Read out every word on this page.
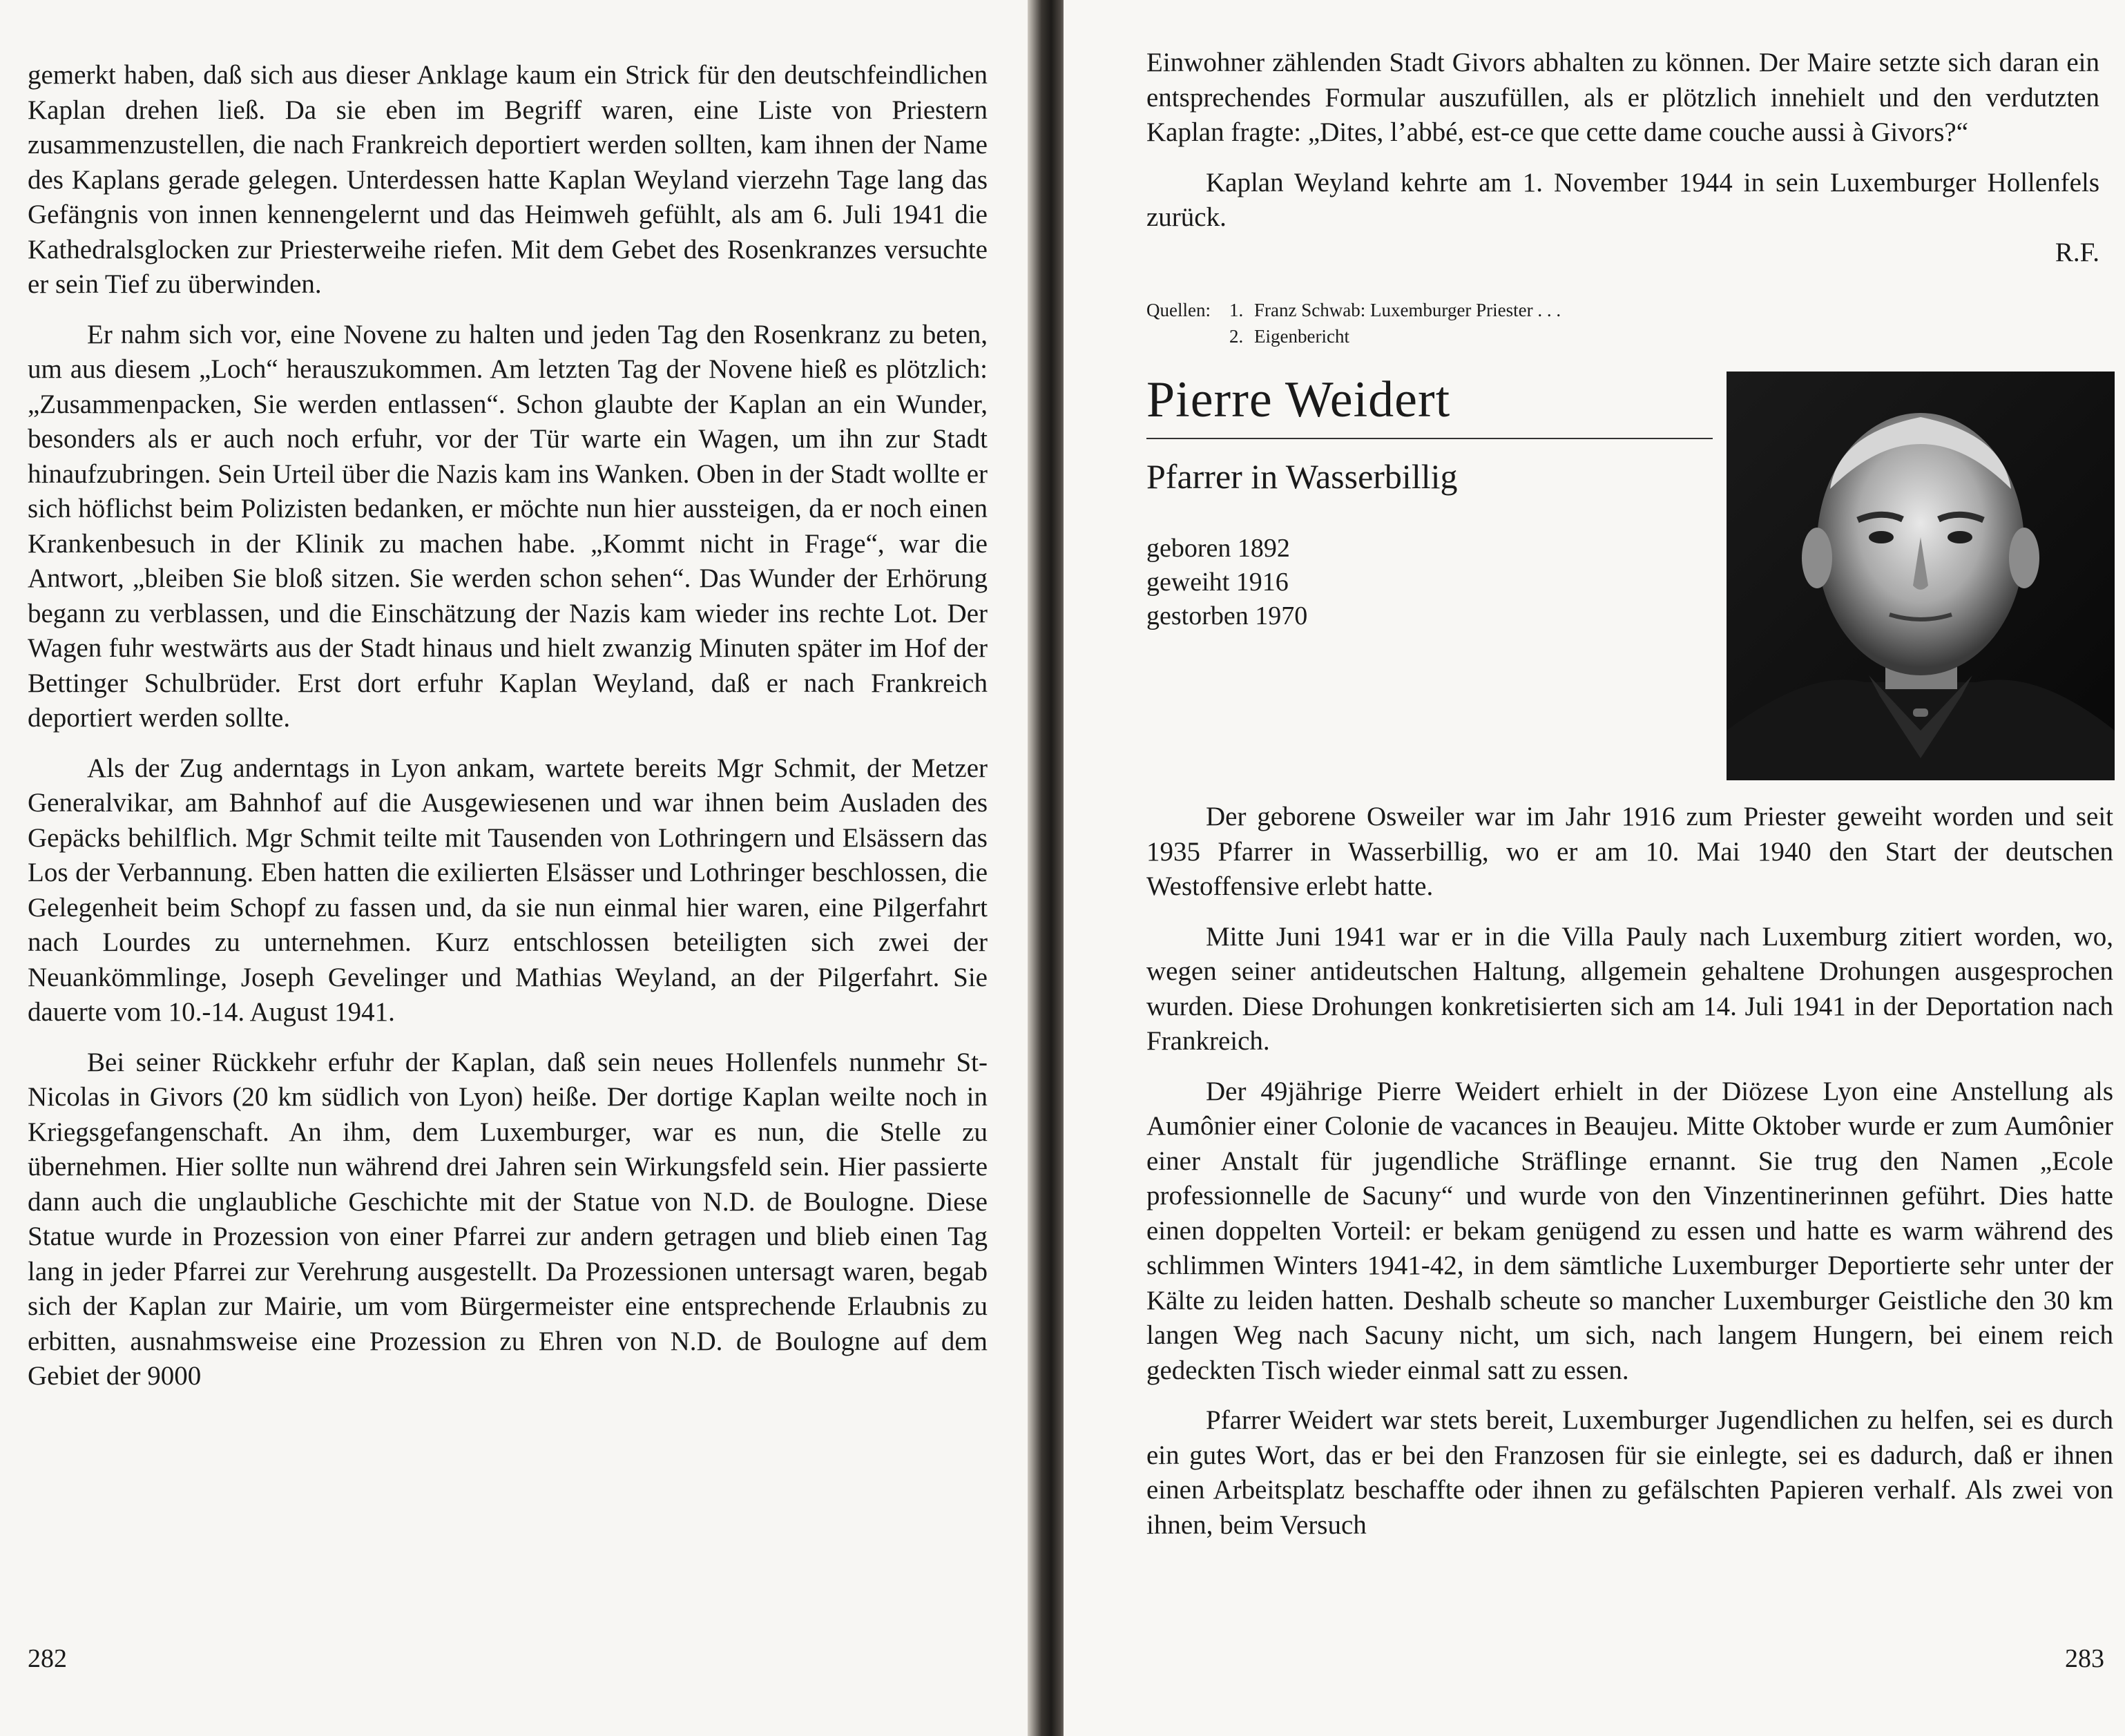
gemerkt haben, daß sich aus dieser Anklage kaum ein Strick für den deutschfeindlichen Kaplan drehen ließ. Da sie eben im Begriff waren, eine Liste von Priestern zusammenzustellen, die nach Frankreich deportiert werden sollten, kam ihnen der Name des Kaplans gerade gelegen. Unterdessen hatte Kaplan Weyland vierzehn Tage lang das Gefängnis von innen kennengelernt und das Heimweh gefühlt, als am 6. Juli 1941 die Kathedralsglocken zur Priesterweihe riefen. Mit dem Gebet des Rosenkranzes versuchte er sein Tief zu überwinden.

Er nahm sich vor, eine Novene zu halten und jeden Tag den Rosenkranz zu beten, um aus diesem „Loch“ herauszukommen. Am letzten Tag der Novene hieß es plötzlich: „Zusammenpacken, Sie werden entlassen“. Schon glaubte der Kaplan an ein Wunder, besonders als er auch noch erfuhr, vor der Tür warte ein Wagen, um ihn zur Stadt hinaufzubringen. Sein Urteil über die Nazis kam ins Wanken. Oben in der Stadt wollte er sich höflichst beim Polizisten bedanken, er möchte nun hier aussteigen, da er noch einen Krankenbesuch in der Klinik zu machen habe. „Kommt nicht in Frage“, war die Antwort, „bleiben Sie bloß sitzen. Sie werden schon sehen“. Das Wunder der Erhörung begann zu verblassen, und die Einschätzung der Nazis kam wieder ins rechte Lot. Der Wagen fuhr westwärts aus der Stadt hinaus und hielt zwanzig Minuten später im Hof der Bettinger Schulbrüder. Erst dort erfuhr Kaplan Weyland, daß er nach Frankreich deportiert werden sollte.

Als der Zug anderntags in Lyon ankam, wartete bereits Mgr Schmit, der Metzer Generalvikar, am Bahnhof auf die Ausgewiesenen und war ihnen beim Ausladen des Gepäcks behilflich. Mgr Schmit teilte mit Tausenden von Lothringern und Elsässern das Los der Verbannung. Eben hatten die exilierten Elsässer und Lothringer beschlossen, die Gelegenheit beim Schopf zu fassen und, da sie nun einmal hier waren, eine Pilgerfahrt nach Lourdes zu unternehmen. Kurz entschlossen beteiligten sich zwei der Neuankömmlinge, Joseph Gevelinger und Mathias Weyland, an der Pilgerfahrt. Sie dauerte vom 10.-14. August 1941.

Bei seiner Rückkehr erfuhr der Kaplan, daß sein neues Hollenfels nunmehr St-Nicolas in Givors (20 km südlich von Lyon) heiße. Der dortige Kaplan weilte noch in Kriegsgefangenschaft. An ihm, dem Luxemburger, war es nun, die Stelle zu übernehmen. Hier sollte nun während drei Jahren sein Wirkungsfeld sein. Hier passierte dann auch die unglaubliche Geschichte mit der Statue von N.D. de Boulogne. Diese Statue wurde in Prozession von einer Pfarrei zur andern getragen und blieb einen Tag lang in jeder Pfarrei zur Verehrung ausgestellt. Da Prozessionen untersagt waren, begab sich der Kaplan zur Mairie, um vom Bürgermeister eine entsprechende Erlaubnis zu erbitten, ausnahmsweise eine Prozession zu Ehren von N.D. de Boulogne auf dem Gebiet der 9000

282

Einwohner zählenden Stadt Givors abhalten zu können. Der Maire setzte sich daran ein entsprechendes Formular auszufüllen, als er plötzlich innehielt und den verdutzten Kaplan fragte: „Dites, l’abbé, est-ce que cette dame couche aussi à Givors?“

Kaplan Weyland kehrte am 1. November 1944 in sein Luxemburger Hollenfels zurück.

R.F.
Quellen:	1. Franz Schwab: Luxemburger Priester . . .
2. Eigenbericht
Pierre Weidert
Pfarrer in Wasserbillig
geboren 1892
geweiht 1916
gestorben 1970

Der geborene Osweiler war im Jahr 1916 zum Priester geweiht worden und seit 1935 Pfarrer in Wasserbillig, wo er am 10. Mai 1940 den Start der deutschen Westoffensive erlebt hatte.

Mitte Juni 1941 war er in die Villa Pauly nach Luxemburg zitiert worden, wo, wegen seiner antideutschen Haltung, allgemein gehaltene Drohungen ausgesprochen wurden. Diese Drohungen konkretisierten sich am 14. Juli 1941 in der Deportation nach Frankreich.

Der 49jährige Pierre Weidert erhielt in der Diözese Lyon eine Anstellung als Aumônier einer Colonie de vacances in Beaujeu. Mitte Oktober wurde er zum Aumônier einer Anstalt für jugendliche Sträflinge ernannt. Sie trug den Namen „Ecole professionnelle de Sacuny“ und wurde von den Vinzentinerinnen geführt. Dies hatte einen doppelten Vorteil: er bekam genügend zu essen und hatte es warm während des schlimmen Winters 1941-42, in dem sämtliche Luxemburger Deportierte sehr unter der Kälte zu leiden hatten. Deshalb scheute so mancher Luxemburger Geistliche den 30 km langen Weg nach Sacuny nicht, um sich, nach langem Hungern, bei einem reich gedeckten Tisch wieder einmal satt zu essen.

Pfarrer Weidert war stets bereit, Luxemburger Jugendlichen zu helfen, sei es durch ein gutes Wort, das er bei den Franzosen für sie einlegte, sei es dadurch, daß er ihnen einen Arbeitsplatz beschaffte oder ihnen zu gefälschten Papieren verhalf. Als zwei von ihnen, beim Versuch

283
